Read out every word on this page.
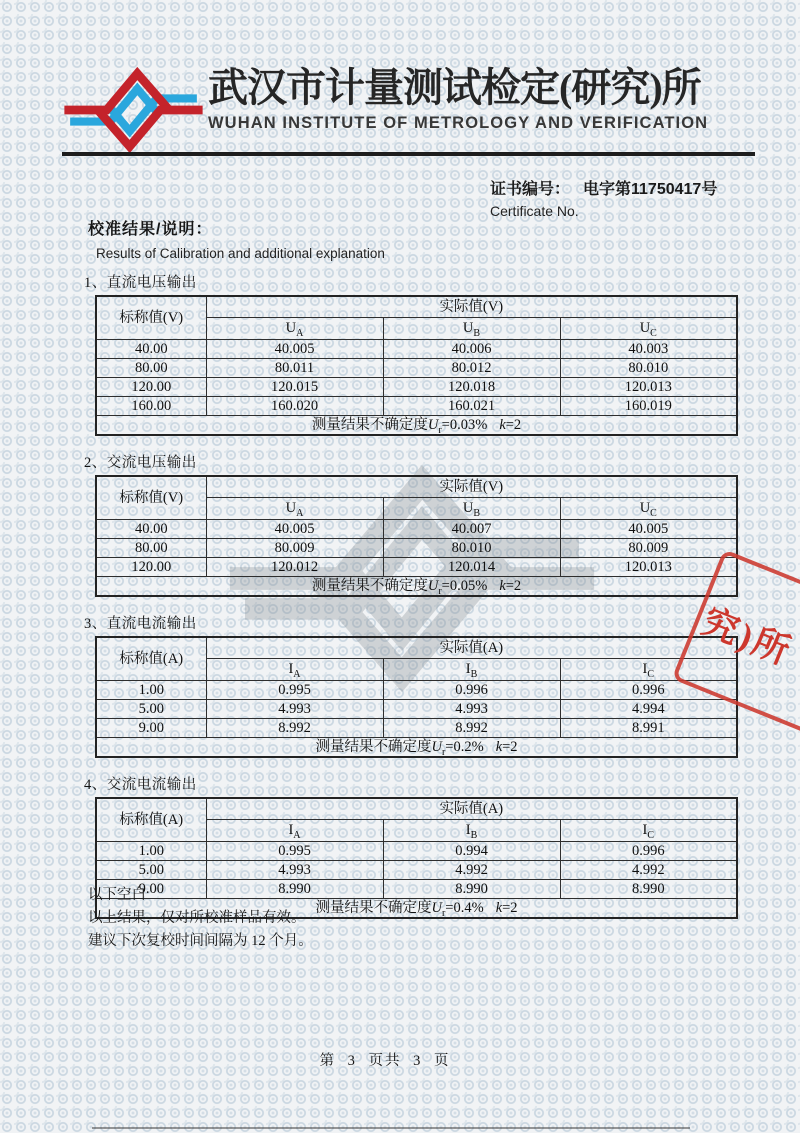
武汉市计量测试检定(研究)所
WUHAN INSTITUTE OF METROLOGY AND VERIFICATION
证书编号： 电字第11750417号
Certificate No.
校准结果/说明：
Results of Calibration and additional explanation
1、直流电压输出
标称值(V)	实际值(V)		
	$U_A$	$U_B$	$U_C$
40.00	40.005	40.006	40.003
80.00	80.011	80.012	80.010
120.00	120.015	120.018	120.013
160.00	160.020	160.021	160.019
测量结果不确定度$U_r=0.03\%$ k=2			
2、交流电压输出
标称值(V)	实际值(V)		
	$U_A$	$U_B$	$U_C$
40.00	40.005	40.007	40.005
80.00	80.009	80.010	80.009
120.00	120.012	120.014	120.013
测量结果不确定度$U_r=0.05\%$ k=2			
3、直流电流输出
标称值(A)	实际值(A)		
	$I_A$	$I_B$	$I_C$
1.00	0.995	0.996	0.996
5.00	4.993	4.993	4.994
9.00	8.992	8.992	8.991
测量结果不确定度$U_r=0.2\%$ k=2			
4、交流电流输出
标称值(A)	实际值(A)		
	$I_A$	$I_B$	$I_C$
1.00	0.995	0.994	0.996
5.00	4.993	4.992	4.992
9.00	8.990	8.990	8.990
测量结果不确定度$U_r=0.4\%$ k=2			
以下空白
以上结果，仅对所校准样品有效。
建议下次复校时间间隔为 12 个月。
究)所
第 3 页共 3 页
